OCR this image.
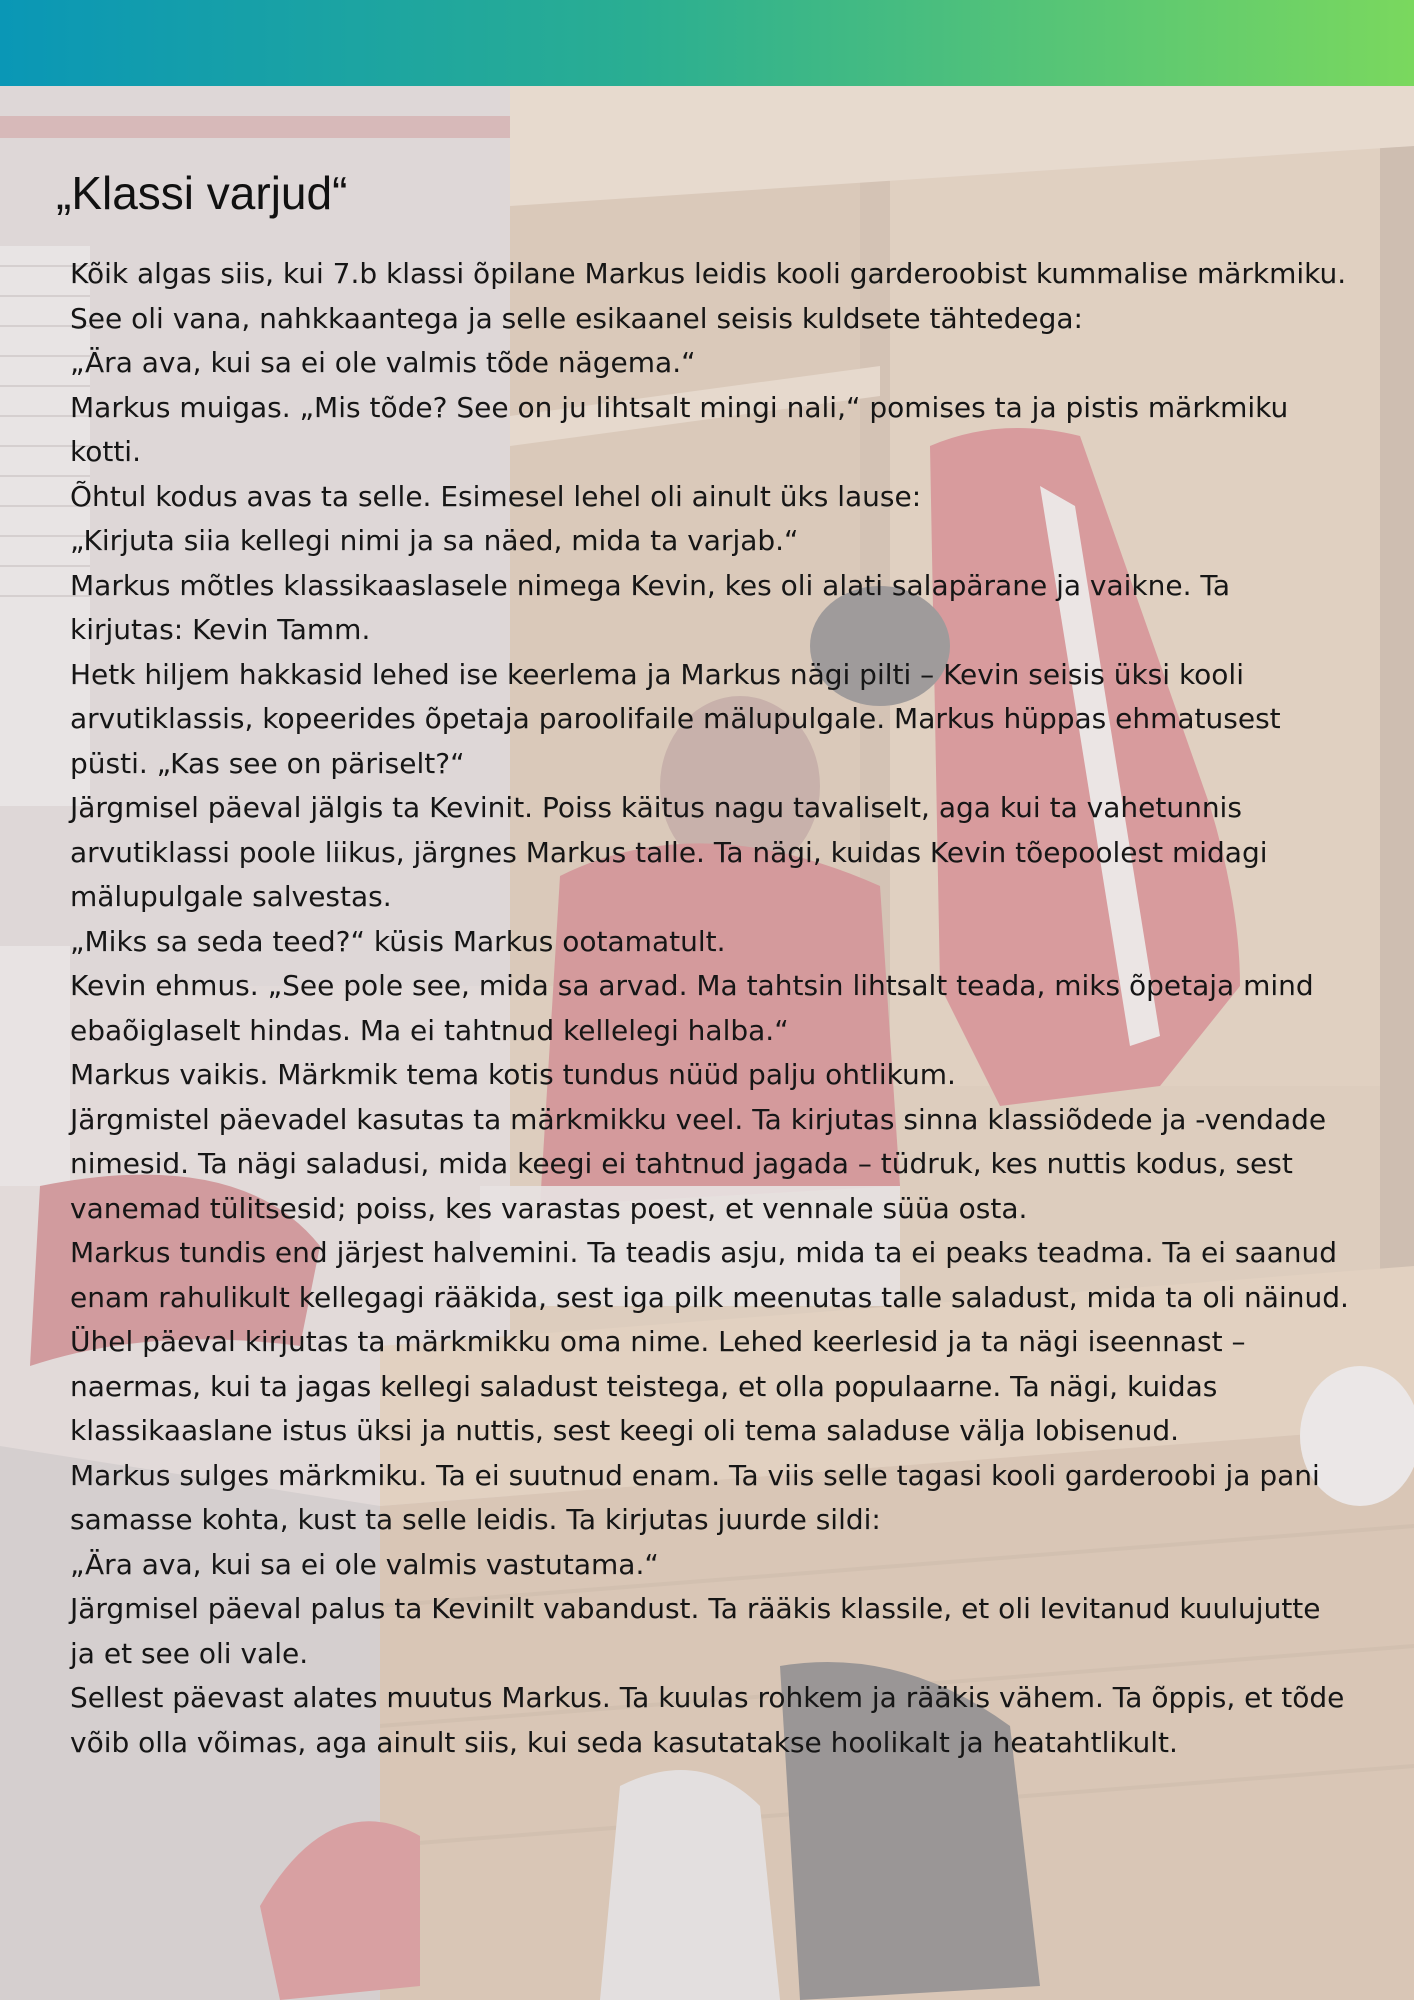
„Klassi varjud“
Kõik algas siis, kui 7.b klassi õpilane Markus leidis kooli garderoobist kummalise märkmiku. See oli vana, nahkkaantega ja selle esikaanel seisis kuldsete tähtedega:
„Ära ava, kui sa ei ole valmis tõde nägema.“
Markus muigas. „Mis tõde? See on ju lihtsalt mingi nali,“ pomises ta ja pistis märkmiku kotti.
Õhtul kodus avas ta selle. Esimesel lehel oli ainult üks lause:
„Kirjuta siia kellegi nimi ja sa näed, mida ta varjab.“
Markus mõtles klassikaaslasele nimega Kevin, kes oli alati salapärane ja vaikne. Ta kirjutas: Kevin Tamm.
Hetk hiljem hakkasid lehed ise keerlema ja Markus nägi pilti – Kevin seisis üksi kooli arvutiklassis, kopeerides õpetaja paroolifaile mälupulgale. Markus hüppas ehmatusest püsti. „Kas see on päriselt?“
Järgmisel päeval jälgis ta Kevinit. Poiss käitus nagu tavaliselt, aga kui ta vahetunnis arvutiklassi poole liikus, järgnes Markus talle. Ta nägi, kuidas Kevin tõepoolest midagi mälupulgale salvestas.
„Miks sa seda teed?“ küsis Markus ootamatult.
Kevin ehmus. „See pole see, mida sa arvad. Ma tahtsin lihtsalt teada, miks õpetaja mind ebaõiglaselt hindas. Ma ei tahtnud kellelegi halba.“
Markus vaikis. Märkmik tema kotis tundus nüüd palju ohtlikum.
Järgmistel päevadel kasutas ta märkmikku veel. Ta kirjutas sinna klassiõdede ja -vendade nimesid. Ta nägi saladusi, mida keegi ei tahtnud jagada – tüdruk, kes nuttis kodus, sest vanemad tülitsesid; poiss, kes varastas poest, et vennale süüa osta.
Markus tundis end järjest halvemini. Ta teadis asju, mida ta ei peaks teadma. Ta ei saanud enam rahulikult kellegagi rääkida, sest iga pilk meenutas talle saladust, mida ta oli näinud.
Ühel päeval kirjutas ta märkmikku oma nime. Lehed keerlesid ja ta nägi iseennast – naermas, kui ta jagas kellegi saladust teistega, et olla populaarne. Ta nägi, kuidas klassikaaslane istus üksi ja nuttis, sest keegi oli tema saladuse välja lobisenud.
Markus sulges märkmiku. Ta ei suutnud enam. Ta viis selle tagasi kooli garderoobi ja pani samasse kohta, kust ta selle leidis. Ta kirjutas juurde sildi:
„Ära ava, kui sa ei ole valmis vastutama.“
Järgmisel päeval palus ta Kevinilt vabandust. Ta rääkis klassile, et oli levitanud kuulujutte ja et see oli vale.
Sellest päevast alates muutus Markus. Ta kuulas rohkem ja rääkis vähem. Ta õppis, et tõde võib olla võimas, aga ainult siis, kui seda kasutatakse hoolikalt ja heatahtlikult.
